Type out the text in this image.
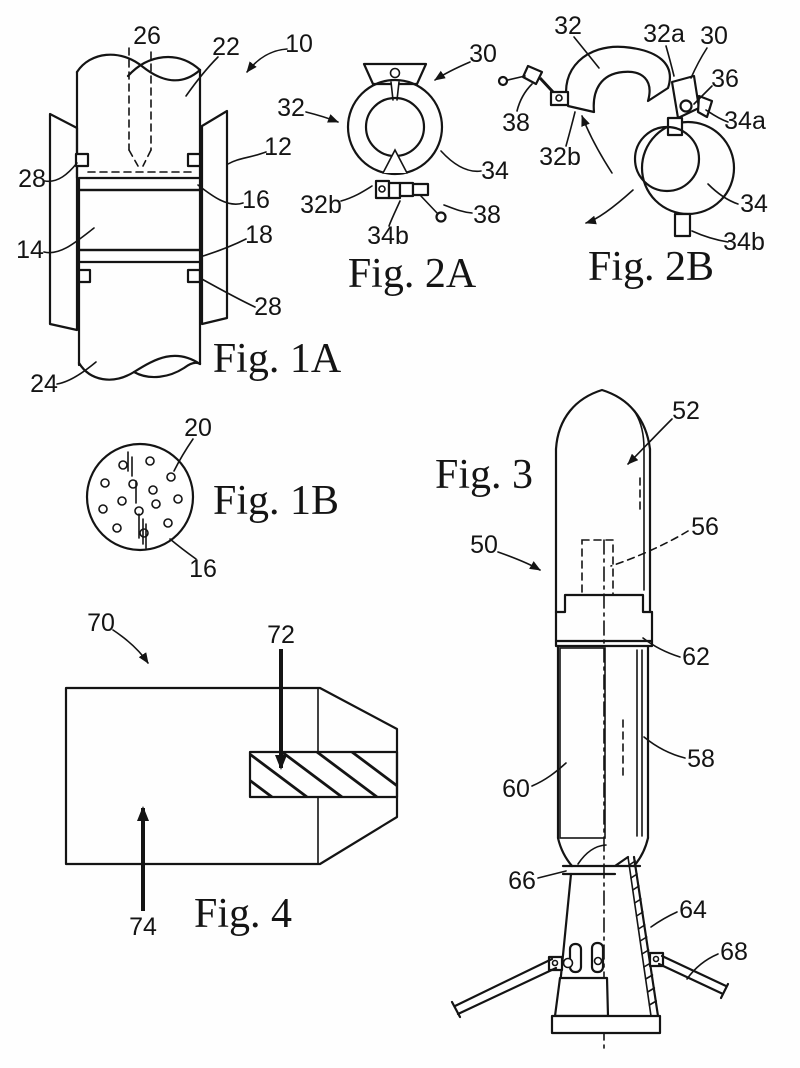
26 22 10
12
28
16
14
18
28
24
Fig. 1A
30
32
34
32b
34b
38
Fig. 2A
32 32a 30
36
34a
38
32b
34
34b
Fig. 2B
20
16
Fig. 1B
52
56
50
62
58
60
66
64
68
Fig. 3
70	72
74 Fig. 4
